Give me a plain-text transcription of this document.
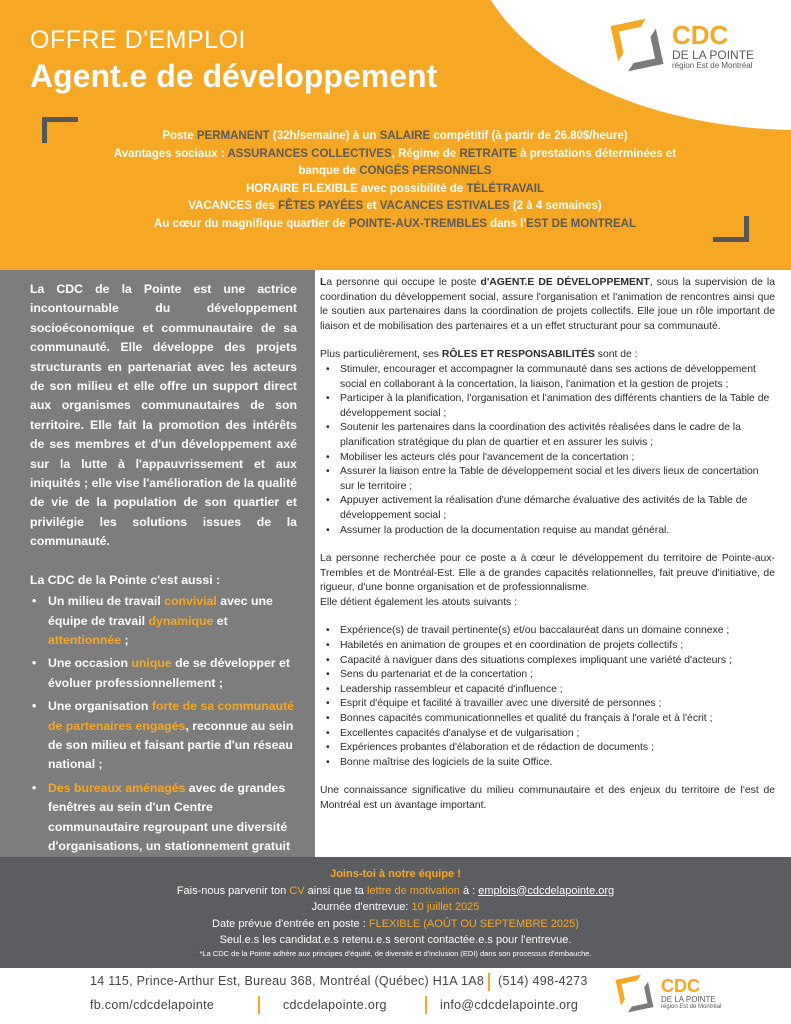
OFFRE D'EMPLOI
Agent.e de développement
CDC
DE LA POINTE
région Est de Montréal
Poste PERMANENT (32h/semaine) à un SALAIRE compétitif (à partir de 26.80$/heure)
Avantages sociaux : ASSURANCES COLLECTIVES, Régime de RETRAITE à prestations déterminées et
banque de CONGÉS PERSONNELS
HORAIRE FLEXIBLE avec possibilité de TÉLÉTRAVAIL
VACANCES des FÊTES PAYÉES et VACANCES ESTIVALES (2 à 4 semaines)
Au cœur du magnifique quartier de POINTE-AUX-TREMBLES dans l'EST DE MONTREAL

La CDC de la Pointe est une actrice incontournable du développement socioéconomique et communautaire de sa communauté. Elle développe des projets structurants en partenariat avec les acteurs de son milieu et elle offre un support direct aux organismes communautaires de son territoire. Elle fait la promotion des intérêts de ses membres et d'un développement axé sur la lutte à l'appauvrissement et aux iniquités ; elle vise l'amélioration de la qualité de vie de la population de son quartier et privilégie les solutions issues de la communauté.

La CDC de la Pointe c'est aussi :

• Un milieu de travail convivial avec une équipe de travail dynamique et attentionnée ;
• Une occasion unique de se développer et évoluer professionnellement ;
• Une organisation forte de sa communauté de partenaires engagés, reconnue au sein de son milieu et faisant partie d'un réseau national ;
• Des bureaux aménagés avec de grandes fenêtres au sein d'un Centre communautaire regroupant une diversité d'organisations, un stationnement gratuit

La personne qui occupe le poste d'AGENT.E DE DÉVELOPPEMENT, sous la supervision de la coordination du développement social, assure l'organisation et l'animation de rencontres ainsi que le soutien aux partenaires dans la coordination de projets collectifs. Elle joue un rôle important de liaison et de mobilisation des partenaires et a un effet structurant pour sa communauté.

Plus particulièrement, ses RÔLES ET RESPONSABILITÉS sont de :

• Stimuler, encourager et accompagner la communauté dans ses actions de développement social en collaborant à la concertation, la liaison, l'animation et la gestion de projets ;
• Participer à la planification, l'organisation et l'animation des différents chantiers de la Table de développement social ;
• Soutenir les partenaires dans la coordination des activités réalisées dans le cadre de la planification stratégique du plan de quartier et en assurer les suivis ;
• Mobiliser les acteurs clés pour l'avancement de la concertation ;
• Assurer la liaison entre la Table de développement social et les divers lieux de concertation sur le territoire ;
• Appuyer activement la réalisation d'une démarche évaluative des activités de la Table de développement social ;
• Assumer la production de la documentation requise au mandat général.

La personne recherchée pour ce poste a à cœur le développement du territoire de Pointe-aux-Trembles et de Montréal-Est. Elle a de grandes capacités relationnelles, fait preuve d'initiative, de rigueur, d'une bonne organisation et de professionnalisme.

Elle détient également les atouts suivants :

• Expérience(s) de travail pertinente(s) et/ou baccalauréat dans un domaine connexe ;
• Habiletés en animation de groupes et en coordination de projets collectifs ;
• Capacité à naviguer dans des situations complexes impliquant une variété d'acteurs ;
• Sens du partenariat et de la concertation ;
• Leadership rassembleur et capacité d'influence ;
• Esprit d'équipe et facilité à travailler avec une diversité de personnes ;
• Bonnes capacités communicationnelles et qualité du français à l'orale et à l'écrit ;
• Excellentes capacités d'analyse et de vulgarisation ;
• Expériences probantes d'élaboration et de rédaction de documents ;
• Bonne maîtrise des logiciels de la suite Office.

Une connaissance significative du milieu communautaire et des enjeux du territoire de l'est de Montréal est un avantage important.

Joins-toi à notre équipe !
Fais-nous parvenir ton CV ainsi que ta lettre de motivation à : emplois@cdcdelapointe.org
Journée d'entrevue: 10 juillet 2025
Date prévue d'entrée en poste : FLEXIBLE (AOÛT OU SEPTEMBRE 2025)
Seul.e.s les candidat.e.s retenu.e.s seront contactée.e.s pour l'entrevue.
*La CDC de la Pointe adhère aux principes d'équité, de diversité et d'inclusion (EDI) dans son processus d'embauche.
14 115, Prince-Arthur Est, Bureau 368, Montréal (Québec) H1A 1A8 (514) 498-4273
fb.com/cdcdelapointe	cdcdelapointe.org	info@cdcdelapointe.org
CDC
DE LA POINTE
région Est de Montréal
